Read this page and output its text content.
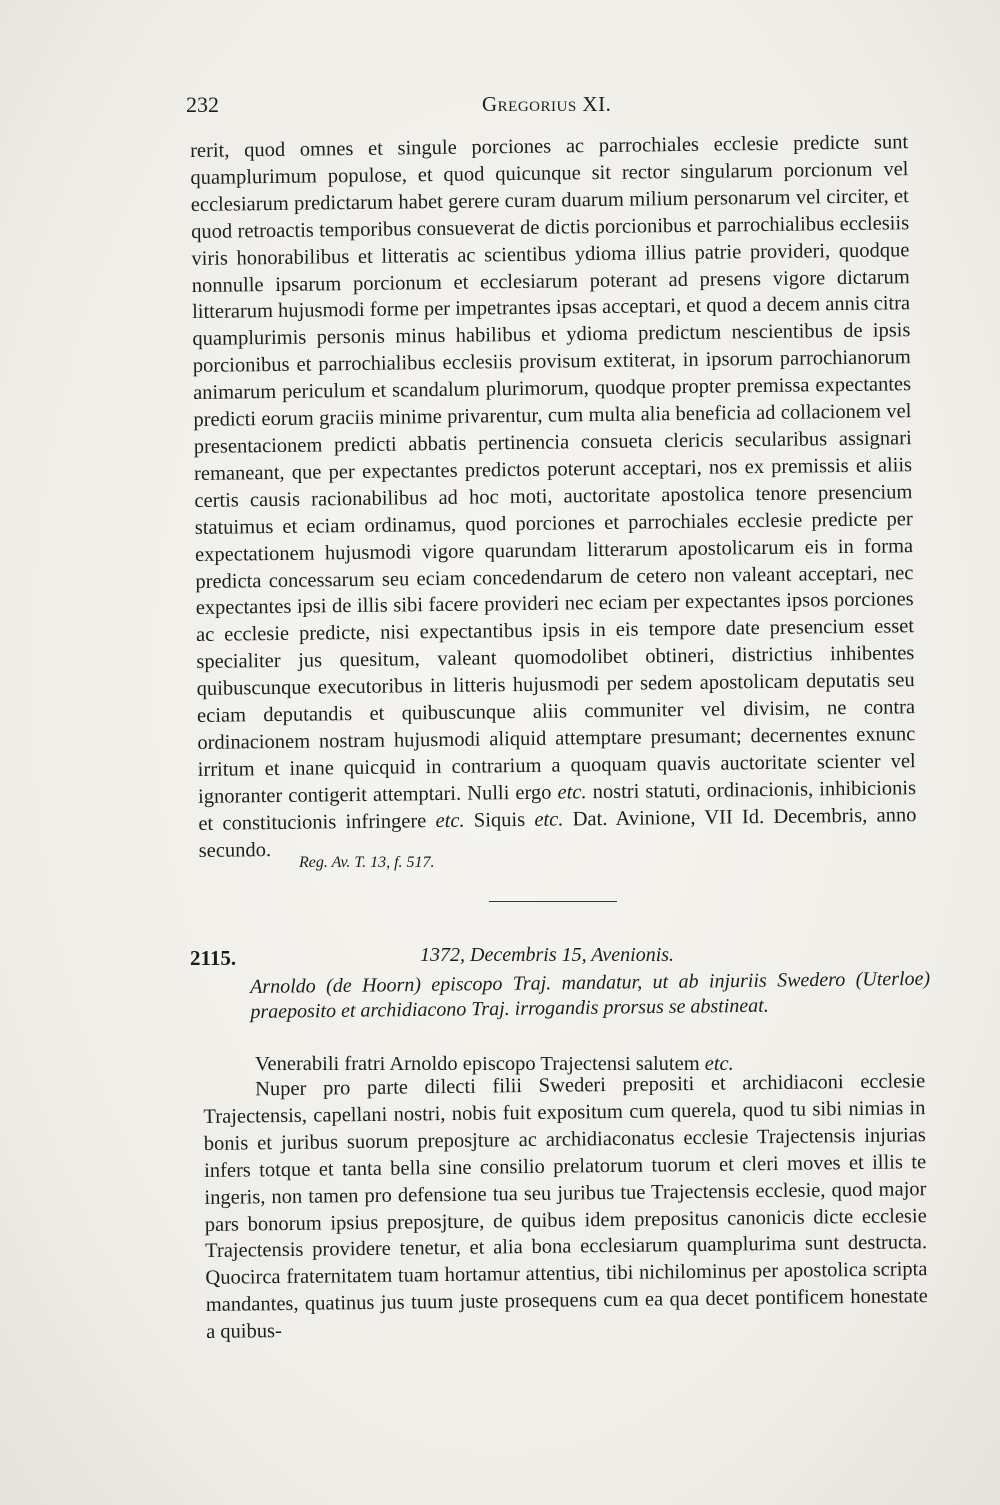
232	Gregorius XI.

rerit, quod omnes et singule porciones ac parrochiales ecclesie predicte sunt quamplurimum populose, et quod quicunque sit rector singularum porcionum vel ecclesiarum predictarum habet gerere curam duarum milium personarum vel circiter, et quod retroactis temporibus consueverat de dictis porcionibus et parrochialibus ecclesiis viris honorabilibus et litteratis ac scientibus ydioma illius patrie provideri, quodque nonnulle ipsarum porcionum et ecclesiarum poterant ad presens vigore dictarum litterarum hujusmodi forme per impetrantes ipsas acceptari, et quod a decem annis citra quamplurimis personis minus habilibus et ydioma predictum nescientibus de ipsis porcionibus et parrochialibus ecclesiis provisum extiterat, in ipsorum parrochianorum animarum periculum et scandalum plurimorum, quodque propter premissa expectantes predicti eorum graciis minime privarentur, cum multa alia beneficia ad collacionem vel presentacionem predicti abbatis pertinencia consueta clericis secularibus assignari remaneant, que per expectantes predictos poterunt acceptari, nos ex premissis et aliis certis causis racionabilibus ad hoc moti, auctoritate apostolica tenore presencium statuimus et eciam ordinamus, quod porciones et parrochiales ecclesie predicte per expectationem hujusmodi vigore quarundam litterarum apostolicarum eis in forma predicta concessarum seu eciam concedendarum de cetero non valeant acceptari, nec expectantes ipsi de illis sibi facere provideri nec eciam per expectantes ipsos porciones ac ecclesie predicte, nisi expectantibus ipsis in eis tempore date presencium esset specialiter jus quesitum, valeant quomodolibet obtineri, districtius inhibentes quibuscunque executoribus in litteris hujusmodi per sedem apostolicam deputatis seu eciam deputandis et quibuscunque aliis communiter vel divisim, ne contra ordinacionem nostram hujusmodi aliquid attemptare presumant; decernentes exnunc irritum et inane quicquid in contrarium a quoquam quavis auctoritate scienter vel ignoranter contigerit attemptari. Nulli ergo etc. nostri statuti, ordinacionis, inhibicionis et constitucionis infringere etc. Siquis etc. Dat. Avinione, VII Id. Decembris, anno secundo.

Reg. Av. T. 13, f. 517.
2115.	1372, Decembris 15, Avenionis.
Arnoldo (de Hoorn) episcopo Traj. mandatur, ut ab injuriis Swedero (Uterloe) praeposito et archidiacono Traj. irrogandis prorsus se abstineat.
Venerabili fratri Arnoldo episcopo Trajectensi salutem etc.
Nuper pro parte dilecti filii Swederi prepositi et archidiaconi ecclesie Trajectensis, capellani nostri, nobis fuit expositum cum querela, quod tu sibi nimias in bonis et juribus suorum preposjture ac archidiaconatus ecclesie Trajectensis injurias infers totque et tanta bella sine consilio prelatorum tuorum et cleri moves et illis te ingeris, non tamen pro defensione tua seu juribus tue Trajectensis ecclesie, quod major pars bonorum ipsius preposjture, de quibus idem prepositus canonicis dicte ecclesie Trajectensis providere tenetur, et alia bona ecclesiarum quamplurima sunt destructa. Quocirca fraternitatem tuam hortamur attentius, tibi nichilominus per apostolica scripta mandantes, quatinus jus tuum juste prosequens cum ea qua decet pontificem honestate a quibus-
